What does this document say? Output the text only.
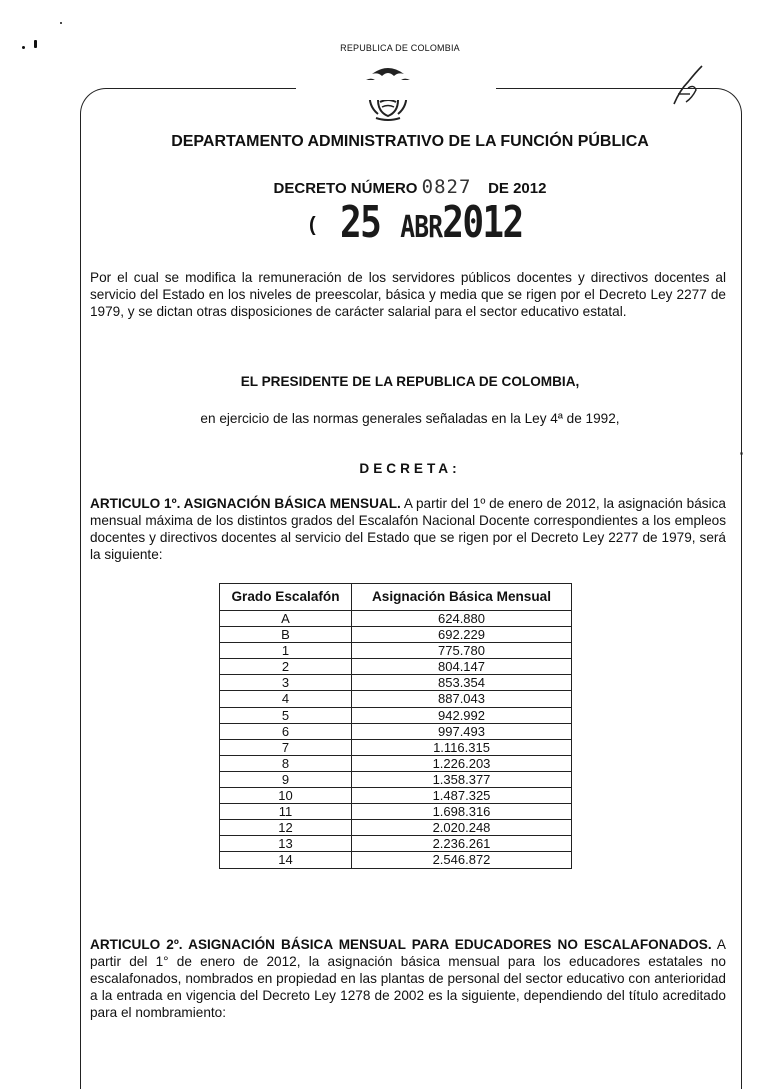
REPUBLICA DE COLOMBIA
DEPARTAMENTO ADMINISTRATIVO DE LA FUNCIÓN PÚBLICA
DECRETO NÚMERO 0827 DE 2012
( 25 ABR2012
Por el cual se modifica la remuneración de los servidores públicos docentes y directivos docentes al servicio del Estado en los niveles de preescolar, básica y media que se rigen por el Decreto Ley 2277 de 1979, y se dictan otras disposiciones de carácter salarial para el sector educativo estatal.
EL PRESIDENTE DE LA REPUBLICA DE COLOMBIA,
en ejercicio de las normas generales señaladas en la Ley 4ª de 1992,
DECRETA:
ARTICULO 1º. ASIGNACIÓN BÁSICA MENSUAL. A partir del 1º de enero de 2012, la asignación básica mensual máxima de los distintos grados del Escalafón Nacional Docente correspondientes a los empleos docentes y directivos docentes al servicio del Estado que se rigen por el Decreto Ley 2277 de 1979, será la siguiente:
Grado Escalafón	Asignación Básica Mensual
A	624.880
B	692.229
1	775.780
2	804.147
3	853.354
4	887.043
5	942.992
6	997.493
7	1.116.315
8	1.226.203
9	1.358.377
10	1.487.325
11	1.698.316
12	2.020.248
13	2.236.261
14	2.546.872
ARTICULO 2º. ASIGNACIÓN BÁSICA MENSUAL PARA EDUCADORES NO ESCALAFONADOS. A partir del 1° de enero de 2012, la asignación básica mensual para los educadores estatales no escalafonados, nombrados en propiedad en las plantas de personal del sector educativo con anterioridad a la entrada en vigencia del Decreto Ley 1278 de 2002 es la siguiente, dependiendo del título acreditado para el nombramiento:
